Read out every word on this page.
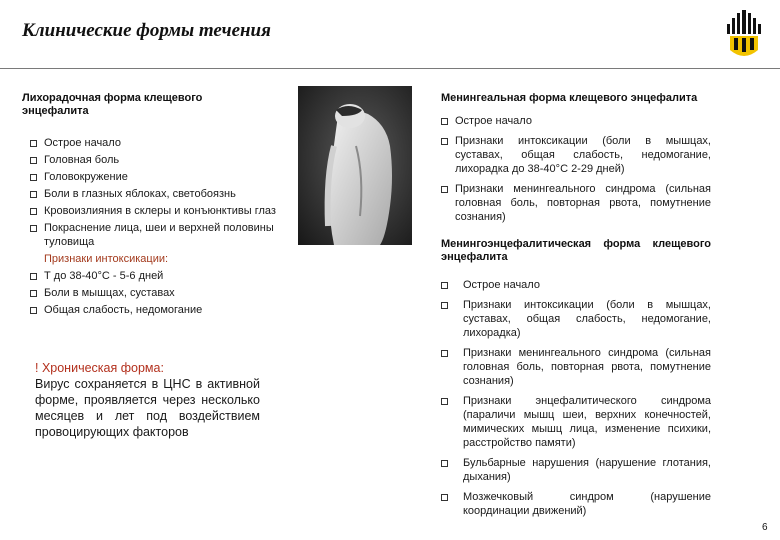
Клинические формы течения
Лихорадочная форма клещевого энцефалита
Острое начало
Головная боль
Головокружение
Боли в глазных яблоках, светобоязнь
Кровоизлияния в склеры и конъюнктивы глаз
Покраснение лица, шеи и верхней половины туловища
Признаки интоксикации:
Т до 38-40°С - 5-6 дней
Боли в мышцах, суставах
Общая слабость, недомогание
! Хроническая форма:
Вирус сохраняется в ЦНС в активной форме, проявляется через несколько месяцев и лет под воздействием провоцирующих факторов
Менингеальная форма клещевого энцефалита
Острое начало
Признаки интоксикации (боли в мышцах, суставах, общая слабость, недомогание, лихорадка до 38-40°С 2-29 дней)
Признаки менингеального синдрома (сильная головная боль, повторная рвота, помутнение сознания)
Менингоэнцефалитическая форма клещевого энцефалита
Острое начало
Признаки интоксикации (боли в мышцах, суставах, общая слабость, недомогание, лихорадка)
Признаки менингеального синдрома (сильная головная боль, повторная рвота, помутнение сознания)
Признаки энцефалитического синдрома (параличи мышц шеи, верхних конечностей, мимических мышц лица, изменение психики, расстройство памяти)
Бульбарные нарушения (нарушение глотания, дыхания)
Мозжечковый синдром (нарушение координации движений)
6
